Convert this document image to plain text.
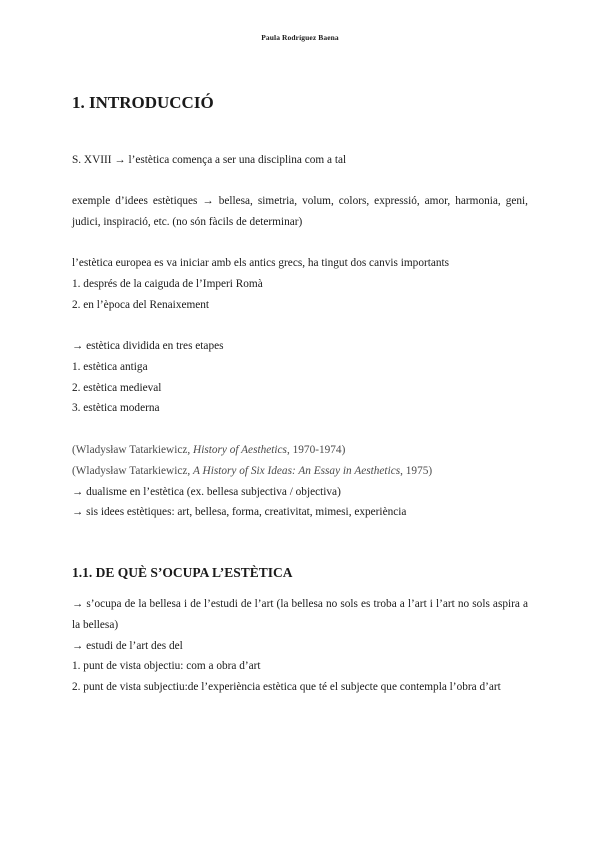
Paula Rodríguez Baena
1. INTRODUCCIÓ

S. XVIII → l’estètica comença a ser una disciplina com a tal

exemple d’idees estètiques → bellesa, simetria, volum, colors, expressió, amor, harmonia, geni, judici, inspiració, etc. (no són fàcils de determinar)

l’estètica europea es va iniciar amb els antics grecs, ha tingut dos canvis importants

1. després de la caiguda de l’Imperi Romà

2. en l’època del Renaixement

→ estètica dividida en tres etapes

1. estètica antiga

2. estètica medieval

3. estètica moderna

(Wladysław Tatarkiewicz, History of Aesthetics, 1970-1974)

(Wladysław Tatarkiewicz, A History of Six Ideas: An Essay in Aesthetics, 1975)

→ dualisme en l’estètica (ex. bellesa subjectiva / objectiva)

→ sis idees estètiques: art, bellesa, forma, creativitat, mimesi, experiència

1.1. DE QUÈ S’OCUPA L’ESTÈTICA

→ s’ocupa de la bellesa i de l’estudi de l’art (la bellesa no sols es troba a l’art i l’art no sols aspira a la bellesa)

→ estudi de l’art des del

1. punt de vista objectiu: com a obra d’art

2. punt de vista subjectiu:de l’experiència estètica que té el subjecte que contempla l’obra d’art
